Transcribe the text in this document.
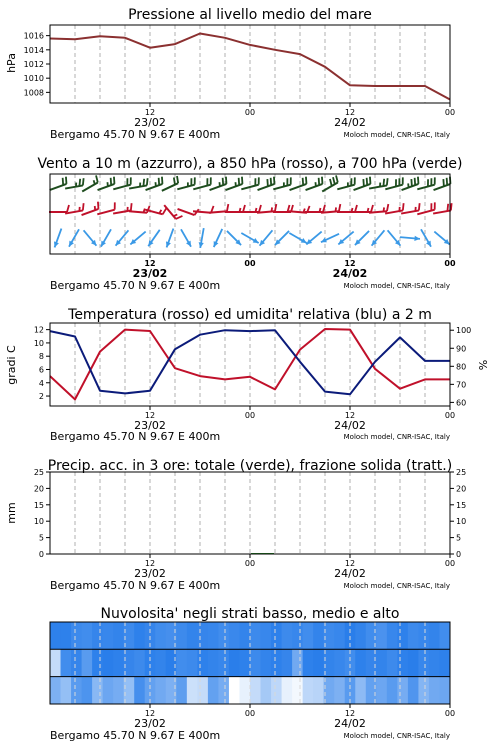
Pressione al livello medio del mare
hPa
1008
1010
1012
1014
1016
12	00	12	00
23/02	24/02
Bergamo 45.70 N 9.67 E 400m	Moloch model, CNR-ISAC, Italy
Vento a 10 m (azzurro), a 850 hPa (rosso), a 700 hPa (verde)
12	00	12	00
23/02	24/02
Bergamo 45.70 N 9.67 E 400m	Moloch model, CNR-ISAC, Italy
Temperatura (rosso) ed umidita' relativa (blu) a 2 m
gradi C	%
2
4
6
8
10
12
60
70
80
90
100
12	00	12	00
23/02	24/02
Bergamo 45.70 N 9.67 E 400m	Moloch model, CNR-ISAC, Italy
Precip. acc. in 3 ore: totale (verde), frazione solida (tratt.)
mm
0
5
10
15
20
25
0
5
10
15
20
25
12	00	12	00
23/02	24/02
Bergamo 45.70 N 9.67 E 400m	Moloch model, CNR-ISAC, Italy
Nuvolosita' negli strati basso, medio e alto
12	00	12	00
23/02	24/02
Bergamo 45.70 N 9.67 E 400m	Moloch model, CNR-ISAC, Italy
